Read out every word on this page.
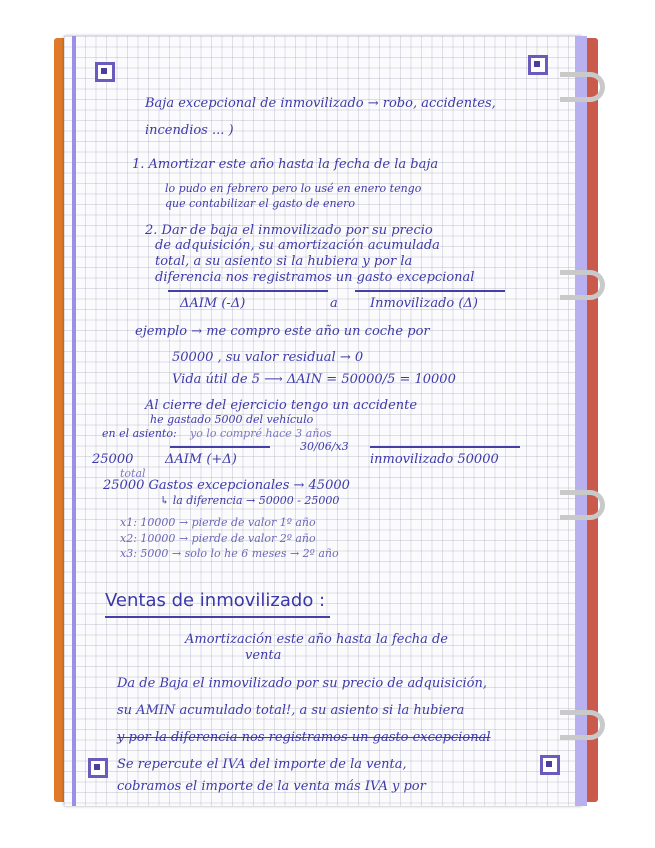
Baja excepcional de inmovilizado → robo, accidentes,
incendios ... )
1. Amortizar este año hasta la fecha de la baja
lo pudo en febrero pero lo usé en enero tengo
que contabilizar el gasto de enero
2. Dar de baja el inmovilizado por su precio
de adquisición, su amortización acumulada
total, a su asiento si la hubiera y por la
diferencia nos registramos un gasto excepcional
ΔAIM (-Δ)	a Inmovilizado (Δ)
ejemplo → me compro este año un coche por
50000 , su valor residual → 0
Vida útil de 5 ⟶ ΔAIN = 50000/5 = 10000
Al cierre del ejercicio tengo un accidente
he gastado 5000 del vehículo
en el asiento: yo lo compré hace 3 años
30/06/x3
25000 ΔAIM (+Δ)	inmovilizado 50000
total
25000 Gastos excepcionales → 45000
↳ la diferencia → 50000 - 25000
x1: 10000 → pierde de valor 1º año
x2: 10000 → pierde de valor 2º año
x3: 5000 → solo lo he 6 meses → 2º año
Ventas de inmovilizado :
Amortización este año hasta la fecha de
venta
Da de Baja el inmovilizado por su precio de adquisición,
su AMIN acumulado total!, a su asiento si la hubiera
y por la diferencia nos registramos un gasto excepcional
Se repercute el IVA del importe de la venta,
cobramos el importe de la venta más IVA y por
